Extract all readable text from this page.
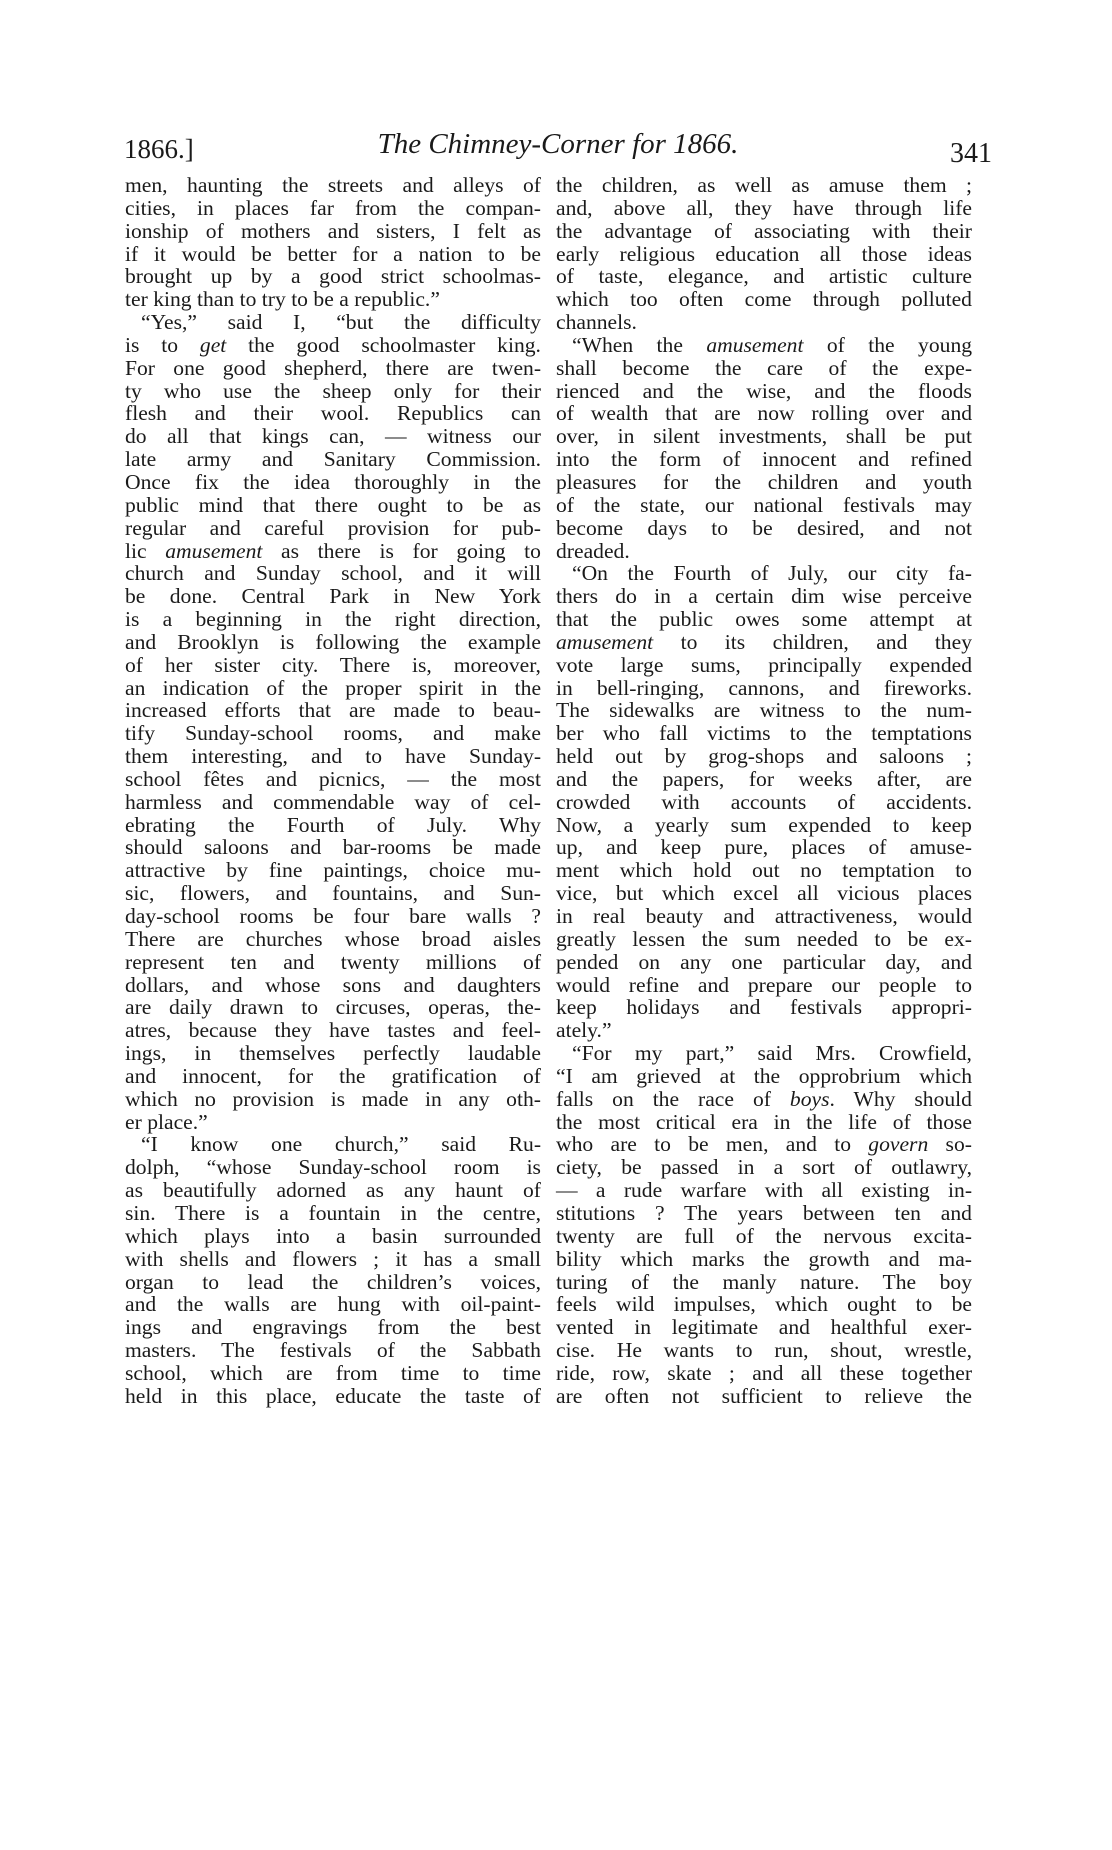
1866.]	The Chimney-Corner for 1866.	341
men, haunting the streets and alleys of
cities, in places far from the compan-
ionship of mothers and sisters, I felt as
if it would be better for a nation to be
brought up by a good strict schoolmas-
ter king than to try to be a republic.”
“Yes,” said I, “but the difficulty
is to get the good schoolmaster king.
For one good shepherd, there are twen-
ty who use the sheep only for their
flesh and their wool. Republics can
do all that kings can, — witness our
late army and Sanitary Commission.
Once fix the idea thoroughly in the
public mind that there ought to be as
regular and careful provision for pub-
lic amusement as there is for going to
church and Sunday school, and it will
be done. Central Park in New York
is a beginning in the right direction,
and Brooklyn is following the example
of her sister city. There is, moreover,
an indication of the proper spirit in the
increased efforts that are made to beau-
tify Sunday-school rooms, and make
them interesting, and to have Sunday-
school fêtes and picnics, — the most
harmless and commendable way of cel-
ebrating the Fourth of July. Why
should saloons and bar-rooms be made
attractive by fine paintings, choice mu-
sic, flowers, and fountains, and Sun-
day-school rooms be four bare walls ?
There are churches whose broad aisles
represent ten and twenty millions of
dollars, and whose sons and daughters
are daily drawn to circuses, operas, the-
atres, because they have tastes and feel-
ings, in themselves perfectly laudable
and innocent, for the gratification of
which no provision is made in any oth-
er place.”
“I know one church,” said Ru-
dolph, “whose Sunday-school room is
as beautifully adorned as any haunt of
sin. There is a fountain in the centre,
which plays into a basin surrounded
with shells and flowers ; it has a small
organ to lead the children’s voices,
and the walls are hung with oil-paint-
ings and engravings from the best
masters. The festivals of the Sabbath
school, which are from time to time
held in this place, educate the taste of
the children, as well as amuse them ;
and, above all, they have through life
the advantage of associating with their
early religious education all those ideas
of taste, elegance, and artistic culture
which too often come through polluted
channels.
“When the amusement of the young
shall become the care of the expe-
rienced and the wise, and the floods
of wealth that are now rolling over and
over, in silent investments, shall be put
into the form of innocent and refined
pleasures for the children and youth
of the state, our national festivals may
become days to be desired, and not
dreaded.
“On the Fourth of July, our city fa-
thers do in a certain dim wise perceive
that the public owes some attempt at
amusement to its children, and they
vote large sums, principally expended
in bell-ringing, cannons, and fireworks.
The sidewalks are witness to the num-
ber who fall victims to the temptations
held out by grog-shops and saloons ;
and the papers, for weeks after, are
crowded with accounts of accidents.
Now, a yearly sum expended to keep
up, and keep pure, places of amuse-
ment which hold out no temptation to
vice, but which excel all vicious places
in real beauty and attractiveness, would
greatly lessen the sum needed to be ex-
pended on any one particular day, and
would refine and prepare our people to
keep holidays and festivals appropri-
ately.”
“For my part,” said Mrs. Crowfield,
“I am grieved at the opprobrium which
falls on the race of boys. Why should
the most critical era in the life of those
who are to be men, and to govern so-
ciety, be passed in a sort of outlawry,
— a rude warfare with all existing in-
stitutions ? The years between ten and
twenty are full of the nervous excita-
bility which marks the growth and ma-
turing of the manly nature. The boy
feels wild impulses, which ought to be
vented in legitimate and healthful exer-
cise. He wants to run, shout, wrestle,
ride, row, skate ; and all these together
are often not sufficient to relieve the
